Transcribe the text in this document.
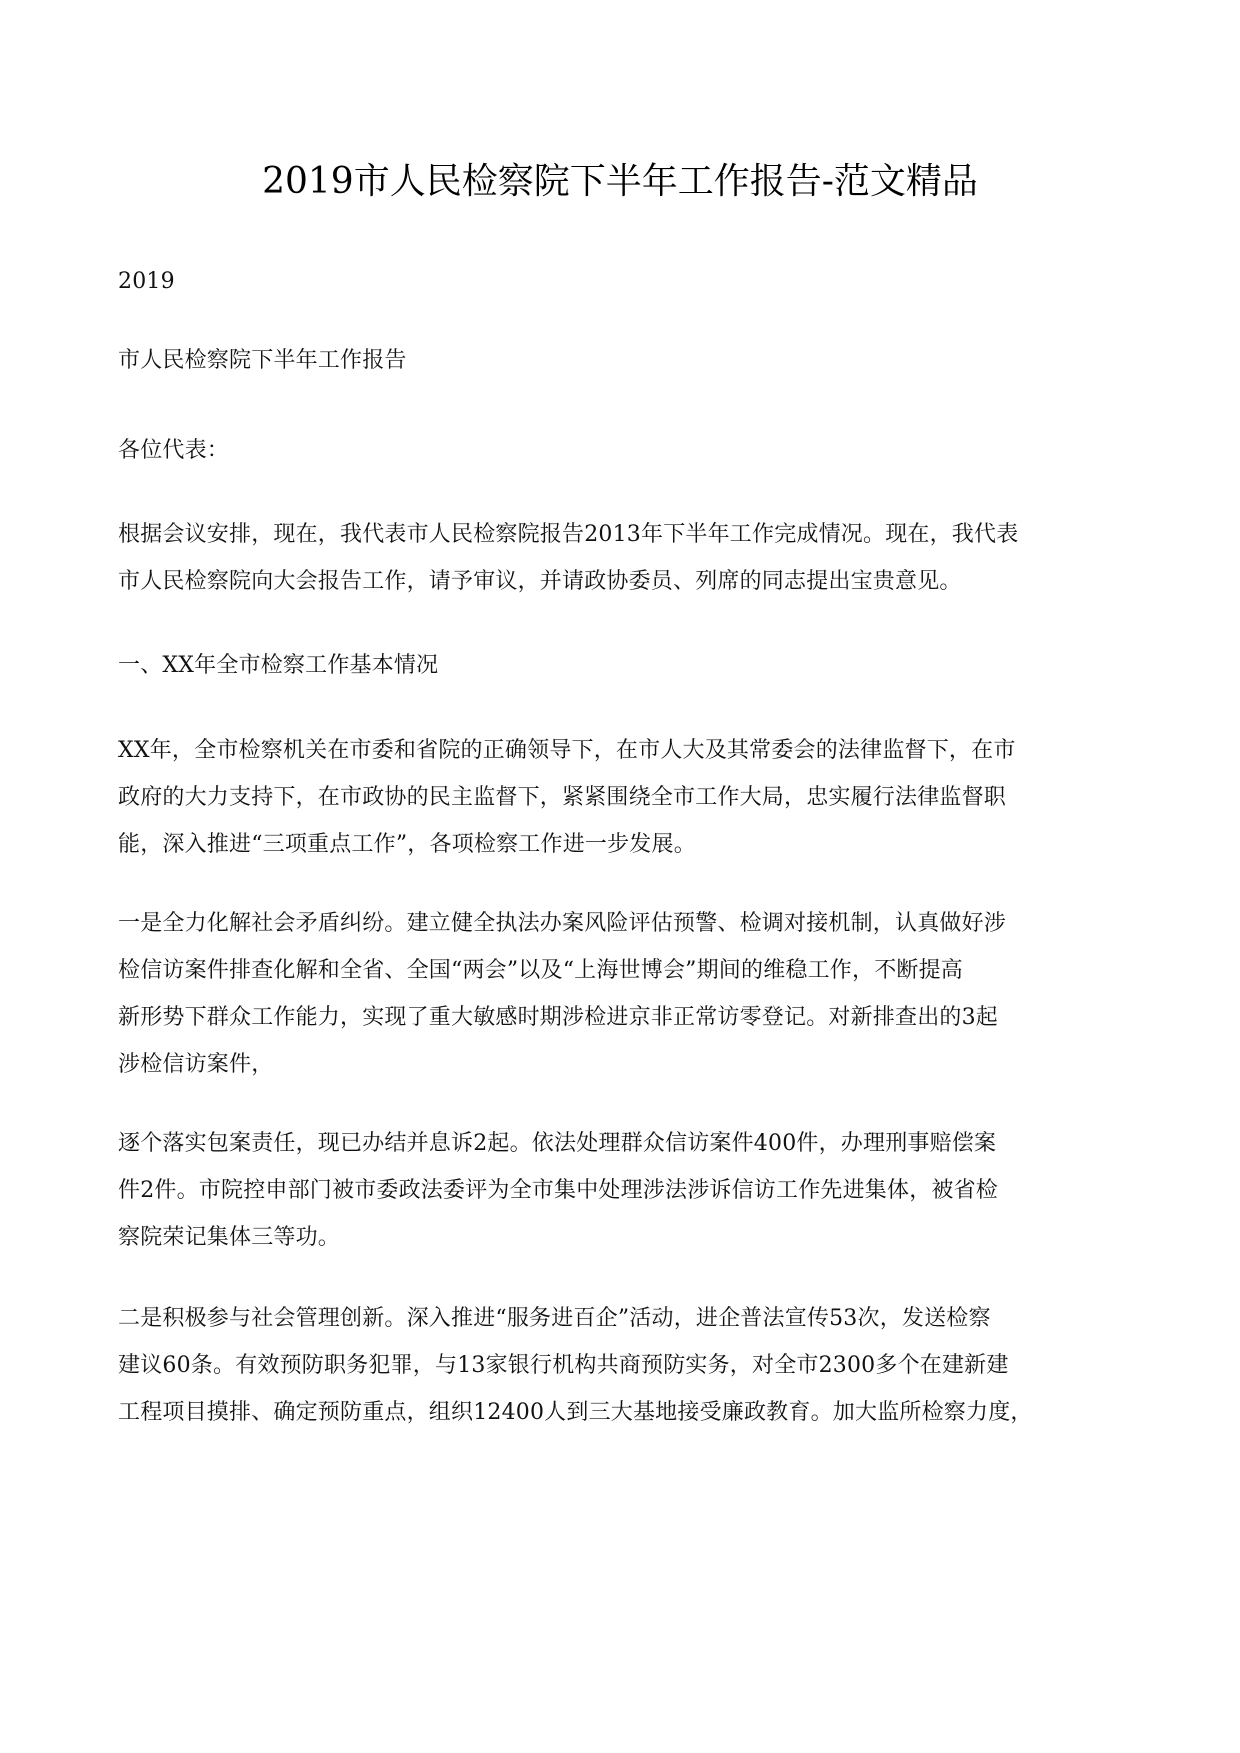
2019市人民检察院下半年工作报告-范文精品

2019

市人民检察院下半年工作报告

各位代表：

根据会议安排，现在，我代表市人民检察院报告2013年下半年工作完成情况。现在，我代表
市人民检察院向大会报告工作，请予审议，并请政协委员、列席的同志提出宝贵意见。

一、XX年全市检察工作基本情况

XX年，全市检察机关在市委和省院的正确领导下，在市人大及其常委会的法律监督下，在市
政府的大力支持下，在市政协的民主监督下，紧紧围绕全市工作大局，忠实履行法律监督职
能，深入推进“三项重点工作”，各项检察工作进一步发展。

一是全力化解社会矛盾纠纷。建立健全执法办案风险评估预警、检调对接机制，认真做好涉
检信访案件排查化解和全省、全国“两会”以及“上海世博会”期间的维稳工作，不断提高
新形势下群众工作能力，实现了重大敏感时期涉检进京非正常访零登记。对新排查出的3起
涉检信访案件，

逐个落实包案责任，现已办结并息诉2起。依法处理群众信访案件400件，办理刑事赔偿案
件2件。市院控申部门被市委政法委评为全市集中处理涉法涉诉信访工作先进集体，被省检
察院荣记集体三等功。

二是积极参与社会管理创新。深入推进“服务进百企”活动，进企普法宣传53次，发送检察
建议60条。有效预防职务犯罪，与13家银行机构共商预防实务，对全市2300多个在建新建
工程项目摸排、确定预防重点，组织12400人到三大基地接受廉政教育。加大监所检察力度，
